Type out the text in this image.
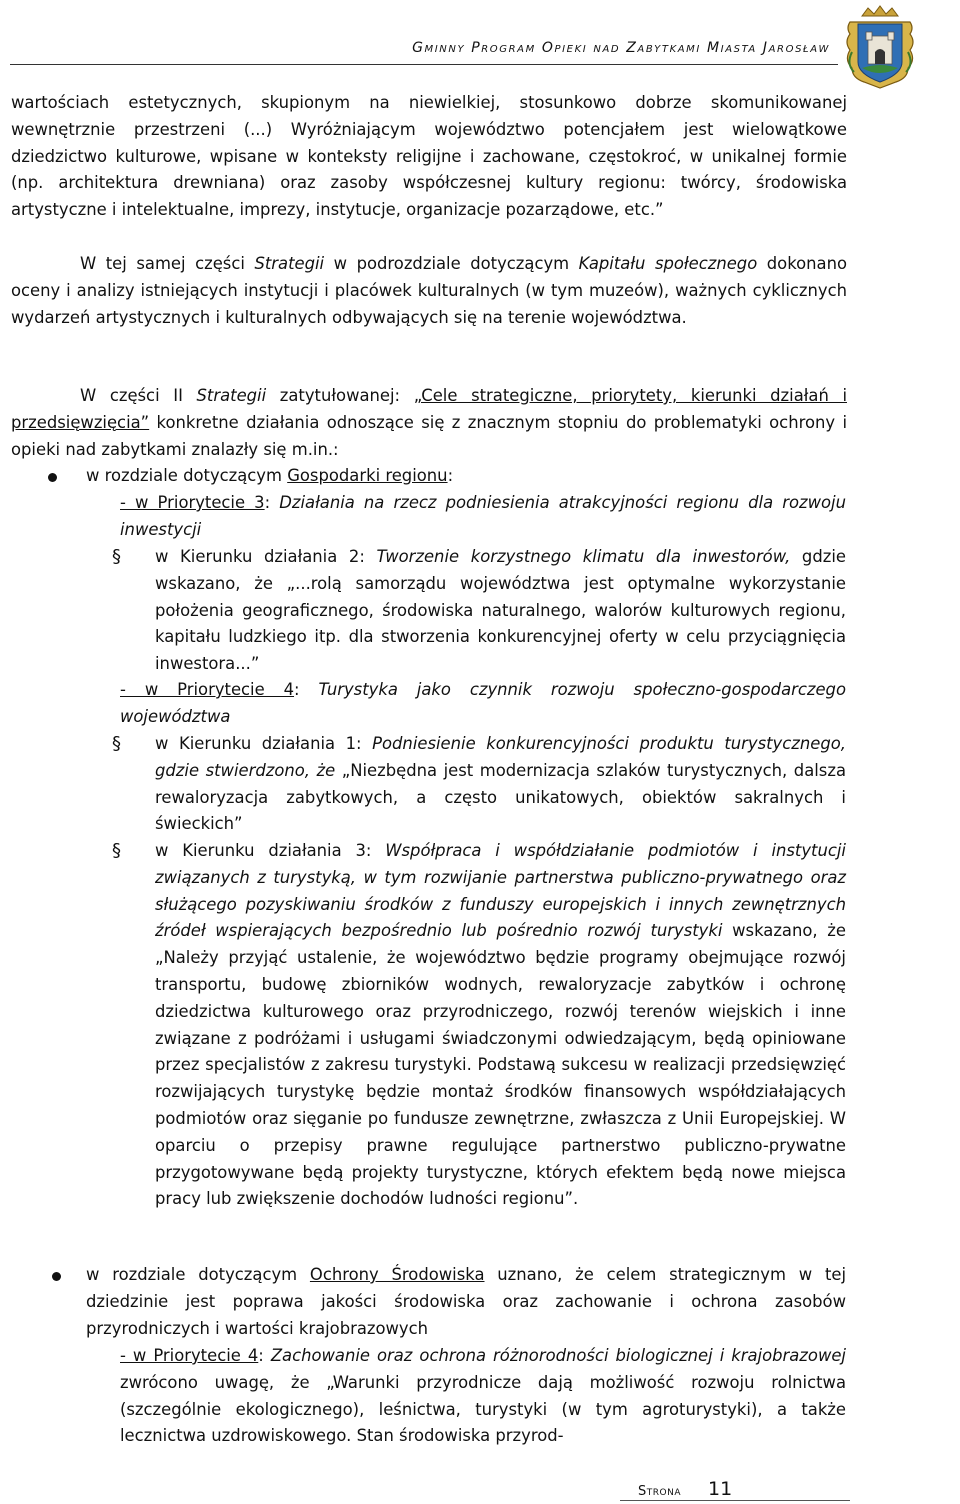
Gminny Program Opieki nad Zabytkami Miasta Jarosław

wartościach estetycznych, skupionym na niewielkiej, stosunkowo dobrze skomunikowanej wewnętrznie przestrzeni (...) Wyróżniającym województwo potencjałem jest wielowątkowe dziedzictwo kulturowe, wpisane w konteksty religijne i zachowane, częstokroć, w unikalnej formie (np. architektura drewniana) oraz zasoby współczesnej kultury regionu: twórcy, środowiska artystyczne i intelektualne, imprezy, instytucje, organizacje pozarządowe, etc.”

W tej samej części Strategii w podrozdziale dotyczącym Kapitału społecznego dokonano oceny i analizy istniejących instytucji i placówek kulturalnych (w tym muzeów), ważnych cyklicznych wydarzeń artystycznych i kulturalnych odbywających się na terenie województwa.

W części II Strategii zatytułowanej: „Cele strategiczne, priorytety, kierunki działań i przedsięwzięcia” konkretne działania odnoszące się z znacznym stopniu do problematyki ochrony i opieki nad zabytkami znalazły się m.in.:

w rozdziale dotyczącym Gospodarki regionu:

- w Priorytecie 3: Działania na rzecz podniesienia atrakcyjności regionu dla rozwoju inwestycji

§ w Kierunku działania 2: Tworzenie korzystnego klimatu dla inwestorów, gdzie wskazano, że „...rolą samorządu województwa jest optymalne wykorzystanie położenia geograficznego, środowiska naturalnego, walorów kulturowych regionu, kapitału ludzkiego itp. dla stworzenia konkurencyjnej oferty w celu przyciągnięcia inwestora...”

- w Priorytecie 4: Turystyka jako czynnik rozwoju społeczno-gospodarczego województwa

§ w Kierunku działania 1: Podniesienie konkurencyjności produktu turystycznego, gdzie stwierdzono, że „Niezbędna jest modernizacja szlaków turystycznych, dalsza rewaloryzacja zabytkowych, a często unikatowych, obiektów sakralnych i świeckich”

§ w Kierunku działania 3: Współpraca i współdziałanie podmiotów i instytucji związanych z turystyką, w tym rozwijanie partnerstwa publiczno-prywatnego oraz służącego pozyskiwaniu środków z funduszy europejskich i innych zewnętrznych źródeł wspierających bezpośrednio lub pośrednio rozwój turystyki wskazano, że „Należy przyjąć ustalenie, że województwo będzie programy obejmujące rozwój transportu, budowę zbiorników wodnych, rewaloryzacje zabytków i ochronę dziedzictwa kulturowego oraz przyrodniczego, rozwój terenów wiejskich i inne związane z podróżami i usługami świadczonymi odwiedzającym, będą opiniowane przez specjalistów z zakresu turystyki. Podstawą sukcesu w realizacji przedsięwzięć rozwijających turystykę będzie montaż środków finansowych współdziałających podmiotów oraz sięganie po fundusze zewnętrzne, zwłaszcza z Unii Europejskiej. W oparciu o przepisy prawne regulujące partnerstwo publiczno-prywatne przygotowywane będą projekty turystyczne, których efektem będą nowe miejsca pracy lub zwiększenie dochodów ludności regionu”.

w rozdziale dotyczącym Ochrony Środowiska uznano, że celem strategicznym w tej dziedzinie jest poprawa jakości środowiska oraz zachowanie i ochrona zasobów przyrodniczych i wartości krajobrazowych

- w Priorytecie 4: Zachowanie oraz ochrona różnorodności biologicznej i krajobrazowej zwrócono uwagę, że „Warunki przyrodnicze dają możliwość rozwoju rolnictwa (szczególnie ekologicznego), leśnictwa, turystyki (w tym agroturystyki), a także lecznictwa uzdrowiskowego. Stan środowiska przyrod-

Strona 11
